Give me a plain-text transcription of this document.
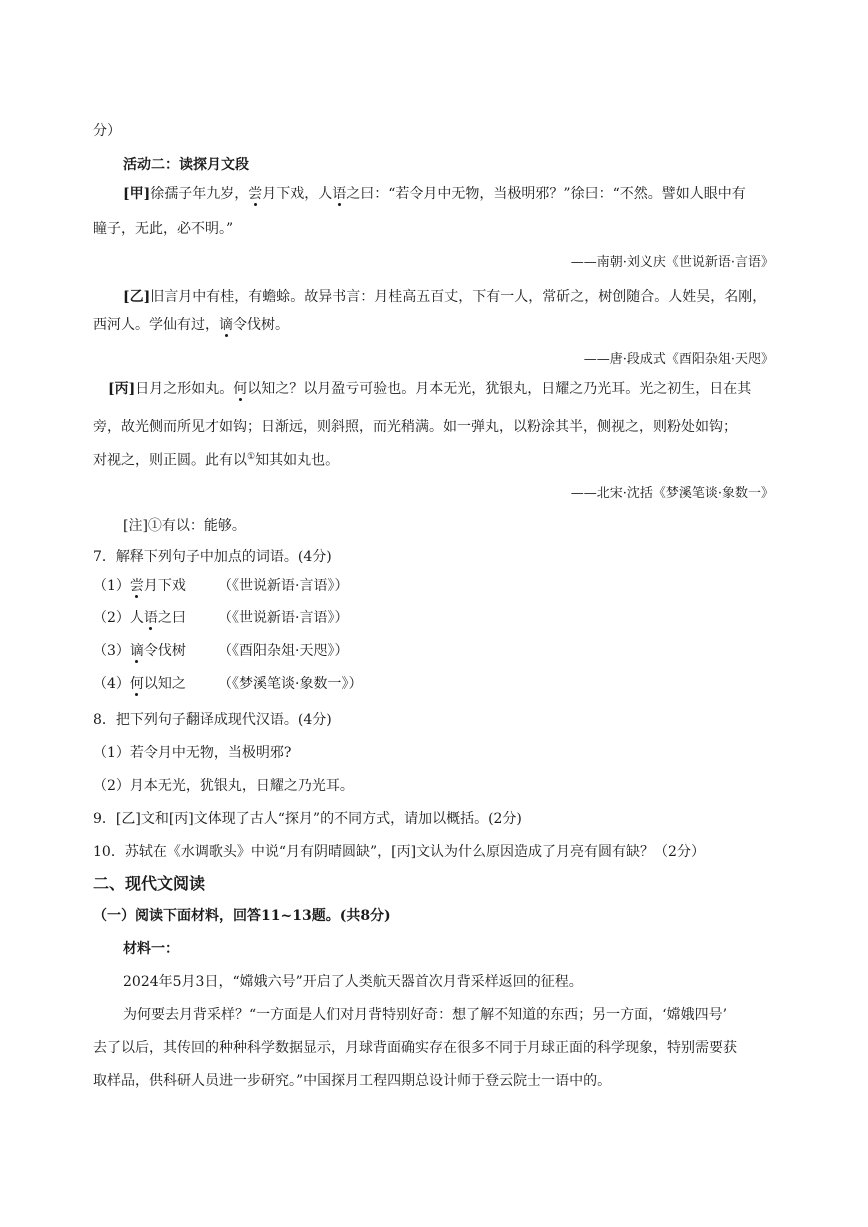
分）
活动二：读探月文段
[甲]徐孺子年九岁，尝月下戏，人语之曰：“若令月中无物，当极明邪？”徐曰：“不然。譬如人眼中有
瞳子，无此，必不明。”
——南朝·刘义庆《世说新语·言语》
[乙]旧言月中有桂，有蟾蜍。故异书言：月桂高五百丈，下有一人，常斫之，树创随合。人姓吴，名刚，
西河人。学仙有过，谪令伐树。
——唐·段成式《酉阳杂俎·天咫》
[丙]日月之形如丸。何以知之？以月盈亏可验也。月本无光，犹银丸，日耀之乃光耳。光之初生，日在其
旁，故光侧而所见才如钩；日渐远，则斜照，而光稍满。如一弹丸，以粉涂其半，侧视之，则粉处如钩；
对视之，则正圆。此有以①知其如丸也。
——北宋·沈括《梦溪笔谈·象数一》
[注]①有以：能够。
7．解释下列句子中加点的词语。(4分)
（1）尝月下戏 （《世说新语·言语》）
（2）人语之曰 （《世说新语·言语》）
（3）谪令伐树 （《酉阳杂俎·天咫》）
（4）何以知之 （《梦溪笔谈·象数一》）
8．把下列句子翻译成现代汉语。(4分)
（1）若令月中无物，当极明邪?
（2）月本无光，犹银丸，日耀之乃光耳。
9．[乙]文和[丙]文体现了古人“探月”的不同方式，请加以概括。(2分)
10．苏轼在《水调歌头》中说“月有阴晴圆缺”，[丙]文认为什么原因造成了月亮有圆有缺？（2分）
二、现代文阅读
（一）阅读下面材料，回答11~13题。(共8分)
材料一：
2024年5月3日，“嫦娥六号”开启了人类航天器首次月背采样返回的征程。
为何要去月背采样？“一方面是人们对月背特别好奇：想了解不知道的东西；另一方面，‘嫦娥四号’
去了以后，其传回的种种科学数据显示，月球背面确实存在很多不同于月球正面的科学现象，特别需要获
取样品，供科研人员进一步研究。”中国探月工程四期总设计师于登云院士一语中的。
